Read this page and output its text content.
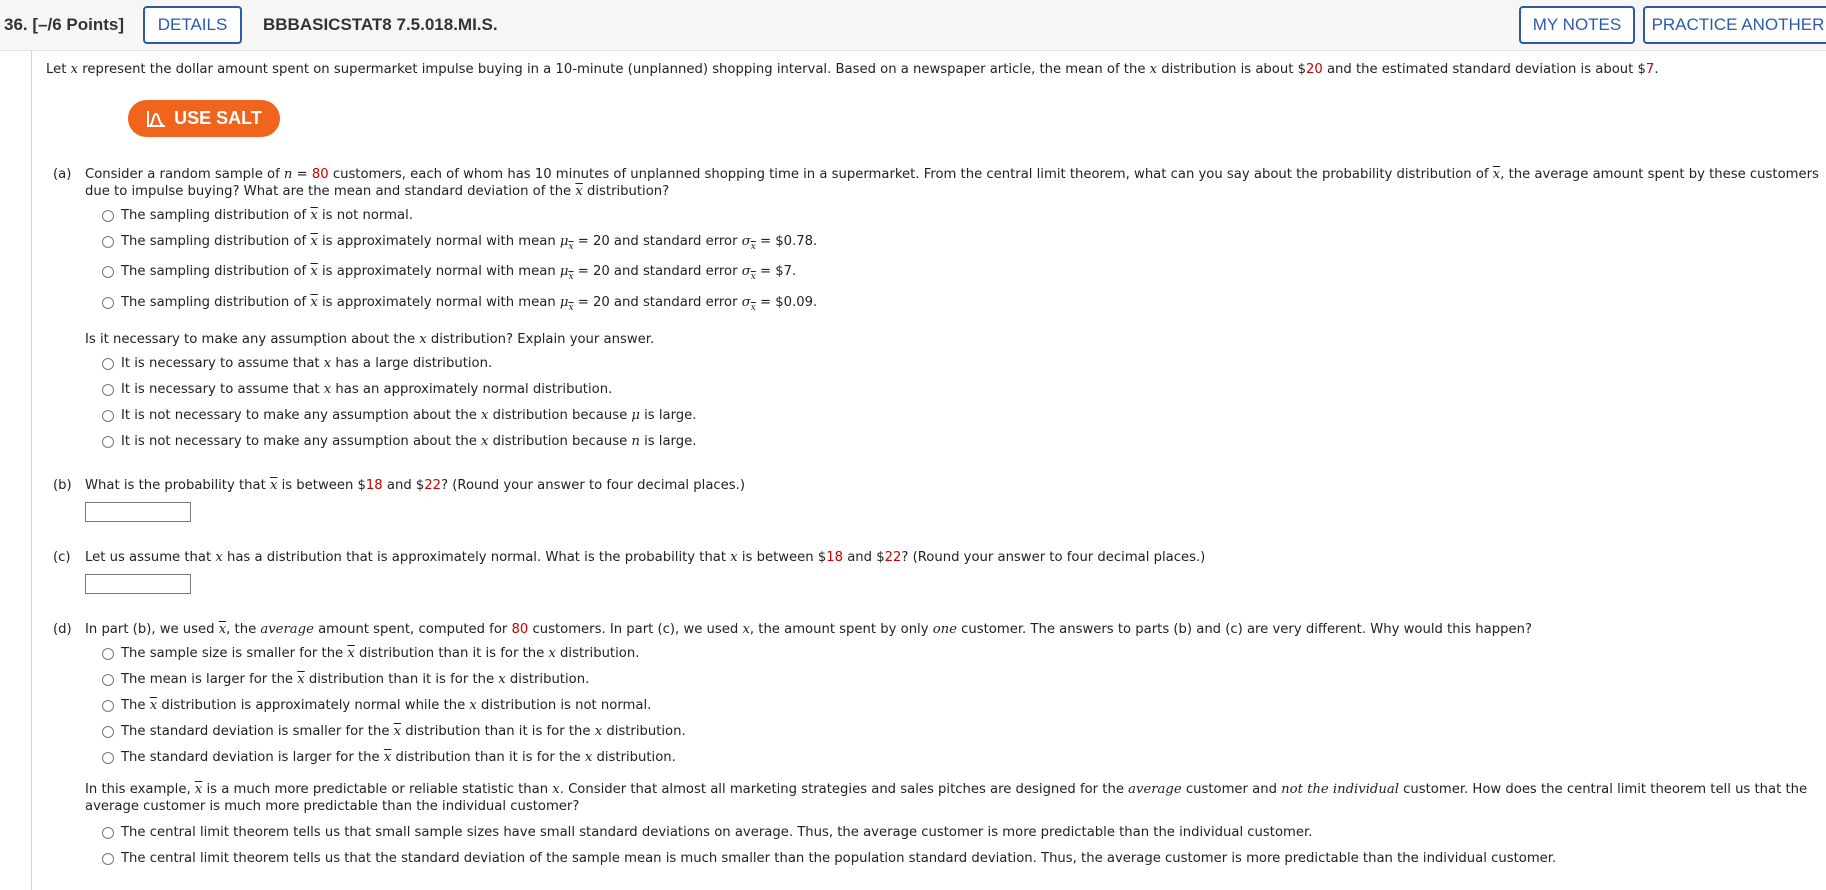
36. [–/6 Points]	DETAILS	BBBASICSTAT8 7.5.018.MI.S.	MY NOTES	PRACTICE ANOTHER
Let x represent the dollar amount spent on supermarket impulse buying in a 10-minute (unplanned) shopping interval. Based on a newspaper article, the mean of the x distribution is about $20 and the estimated standard deviation is about $7.
USE SALT
(a) Consider a random sample of n = 80 customers, each of whom has 10 minutes of unplanned shopping time in a supermarket. From the central limit theorem, what can you say about the probability distribution of $\overline{x}$, the average amount spent by these customers
due to impulse buying? What are the mean and standard deviation of the $\overline{x}$ distribution?
The sampling distribution of $\overline{x}$ is not normal.
The sampling distribution of $\overline{x}$ is approximately normal with mean $\mu_{\overline{x}} = 20$ and standard error $\sigma_{\overline{x}}$ = $0.78.
The sampling distribution of $\overline{x}$ is approximately normal with mean $\mu_{\overline{x}} = 20$ and standard error $\sigma_{\overline{x}}$ = $7.
The sampling distribution of $\overline{x}$ is approximately normal with mean $\mu_{\overline{x}} = 20$ and standard error $\sigma_{\overline{x}}$ = $0.09.
Is it necessary to make any assumption about the x distribution? Explain your answer.
It is necessary to assume that x has a large distribution.
It is necessary to assume that x has an approximately normal distribution.
It is not necessary to make any assumption about the x distribution because μ is large.
It is not necessary to make any assumption about the x distribution because n is large.
(b) What is the probability that $\overline{x}$ is between $18 and $22? (Round your answer to four decimal places.)
(c) Let us assume that x has a distribution that is approximately normal. What is the probability that x is between $18 and $22? (Round your answer to four decimal places.)
(d) In part (b), we used $\overline{x}$, the average amount spent, computed for 80 customers. In part (c), we used x, the amount spent by only one customer. The answers to parts (b) and (c) are very different. Why would this happen?
The sample size is smaller for the $\overline{x}$ distribution than it is for the x distribution.
The mean is larger for the $\overline{x}$ distribution than it is for the x distribution.
The $\overline{x}$ distribution is approximately normal while the x distribution is not normal.
The standard deviation is smaller for the $\overline{x}$ distribution than it is for the x distribution.
The standard deviation is larger for the $\overline{x}$ distribution than it is for the x distribution.
In this example, $\overline{x}$ is a much more predictable or reliable statistic than x. Consider that almost all marketing strategies and sales pitches are designed for the average customer and not the individual customer. How does the central limit theorem tell us that the
average customer is much more predictable than the individual customer?
The central limit theorem tells us that small sample sizes have small standard deviations on average. Thus, the average customer is more predictable than the individual customer.
The central limit theorem tells us that the standard deviation of the sample mean is much smaller than the population standard deviation. Thus, the average customer is more predictable than the individual customer.
